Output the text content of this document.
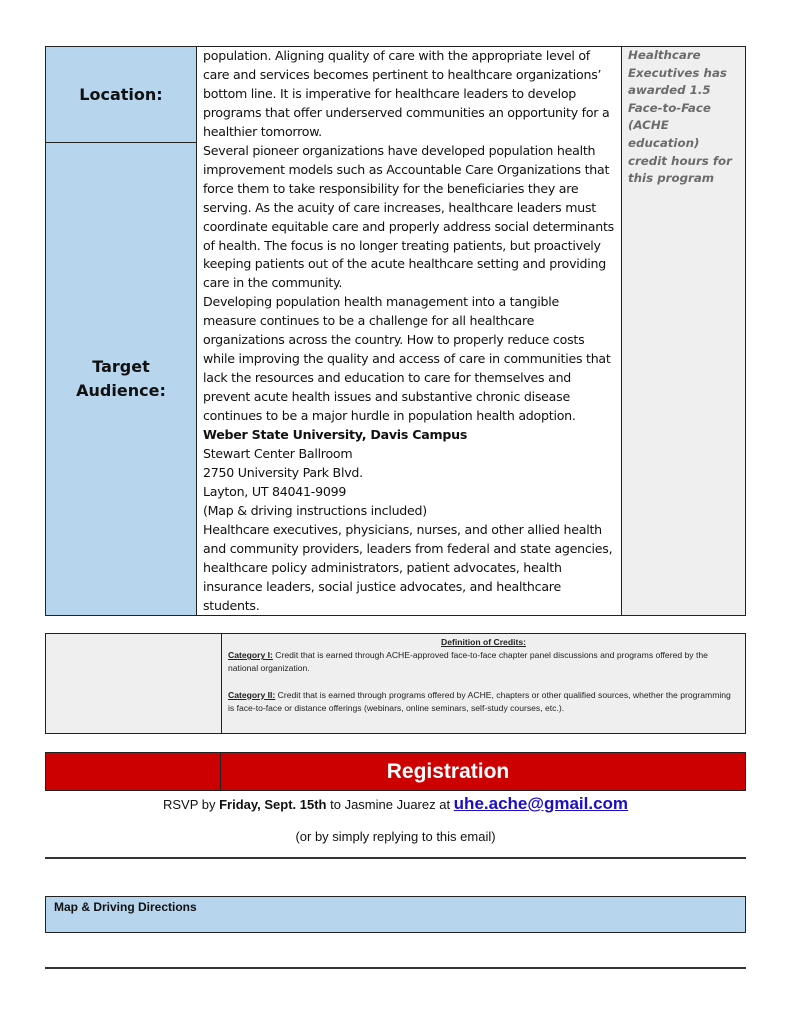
Location:
Target
Audience:

population. Aligning quality of care with the appropriate level of care and services becomes pertinent to healthcare organizations’ bottom line. It is imperative for healthcare leaders to develop programs that offer underserved communities an opportunity for a healthier tomorrow.

Several pioneer organizations have developed population health improvement models such as Accountable Care Organizations that force them to take responsibility for the beneficiaries they are serving. As the acuity of care increases, healthcare leaders must coordinate equitable care and properly address social determinants of health. The focus is no longer treating patients, but proactively keeping patients out of the acute healthcare setting and providing care in the community.

Developing population health management into a tangible measure continues to be a challenge for all healthcare organizations across the country. How to properly reduce costs while improving the quality and access of care in communities that lack the resources and education to care for themselves and prevent acute health issues and substantive chronic disease continues to be a major hurdle in population health adoption.

Weber State University, Davis Campus

Stewart Center Ballroom

2750 University Park Blvd.

Layton, UT 84041-9099

(Map & driving instructions included)

Healthcare executives, physicians, nurses, and other allied health and community providers, leaders from federal and state agencies, healthcare policy administrators, patient advocates, health insurance leaders, social justice advocates, and healthcare students.

Healthcare Executives has awarded 1.5 Face-to-Face (ACHE education) credit hours for this program
Definition of Credits:
Category I: Credit that is earned through ACHE-approved face-to-face chapter panel discussions and programs offered by the national organization.
Category II: Credit that is earned through programs offered by ACHE, chapters or other qualified sources, whether the programming is face-to-face or distance offerings (webinars, online seminars, self-study courses, etc.).
Registration
RSVP by Friday, Sept. 15th to Jasmine Juarez at uhe.ache@gmail.com
(or by simply replying to this email)
Map & Driving Directions
